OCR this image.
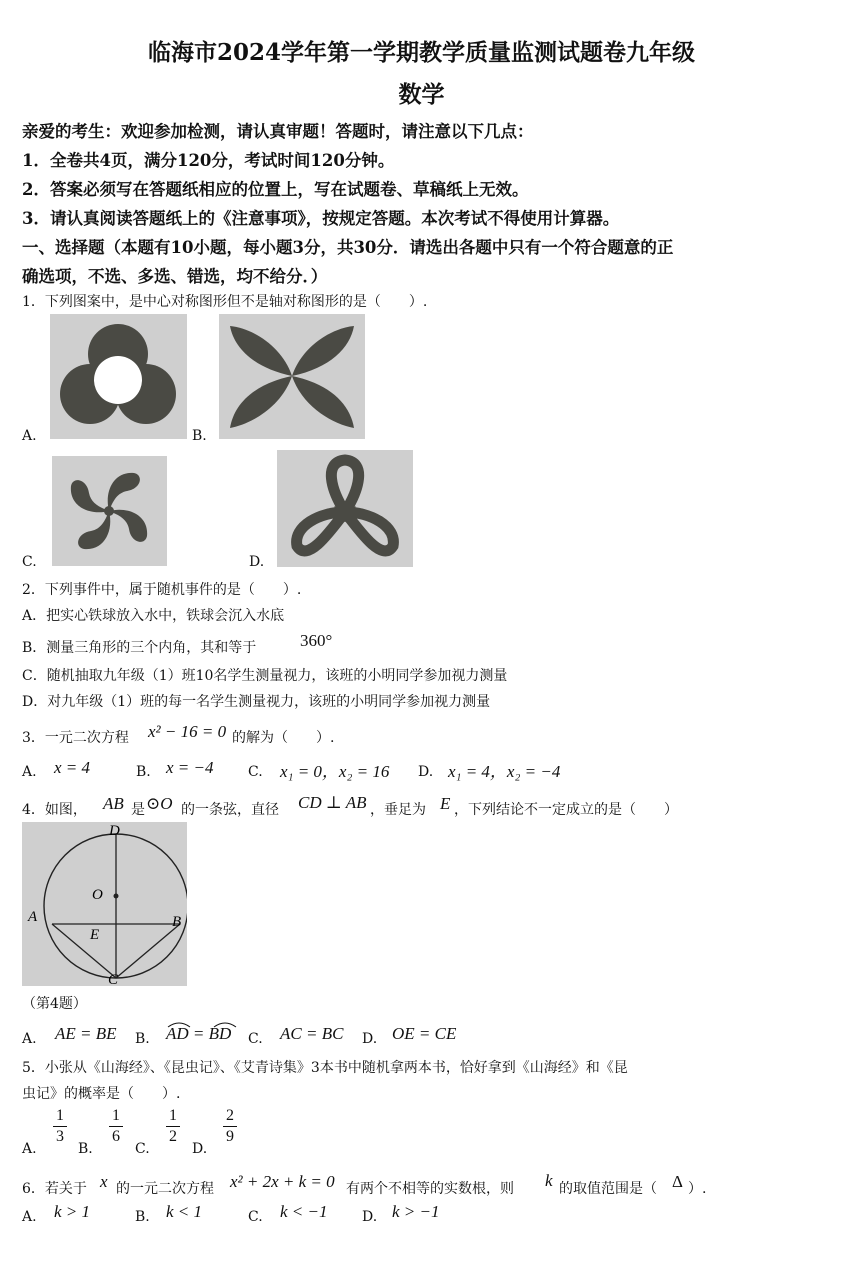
临海市2024学年第一学期教学质量监测试题卷九年级
数学
亲爱的考生：欢迎参加检测，请认真审题！答题时，请注意以下几点：
1．全卷共4页，满分120分，考试时间120分钟。
2．答案必须写在答题纸相应的位置上，写在试题卷、草稿纸上无效。
3．请认真阅读答题纸上的《注意事项》，按规定答题。本次考试不得使用计算器。
一、选择题（本题有10小题，每小题3分，共30分．请选出各题中只有一个符合题意的正
确选项，不选、多选、错选，均不给分．）
1．下列图案中，是中心对称图形但不是轴对称图形的是（　　）.
A.	B.
C.	D.
2．下列事件中，属于随机事件的是（　　）.
A．把实心铁球放入水中，铁球会沉入水底
B．测量三角形的三个内角，其和等于	360°
C．随机抽取九年级（1）班10名学生测量视力，该班的小明同学参加视力测量
D．对九年级（1）班的每一名学生测量视力，该班的小明同学参加视力测量
3．一元二次方程 x² − 16 = 0 的解为（　　）.
A. x = 4	B. x = −4 C. x₁ = 0，x₂ = 16 D. x₁ = 4，x₂ = −4
4．如图， AB 是 ⊙O 的一条弦，直径 CD ⊥ AB ，垂足为 E ，下列结论不一定成立的是（　　）
D
O
A	B
E
C
（第4题）
A. AE = BE B. AD = BD C. AC = BC D. OE = CE
5．小张从《山海经》、《昆虫记》、《艾青诗集》3本书中随机拿两本书，恰好拿到《山海经》和《昆
虫记》的概率是（　　）.
A.
$\frac{1}{3}$
B.
$\frac{1}{6}$
C.
$\frac{1}{2}$
D.
$\frac{2}{9}$
6．若关于 x 的一元二次方程 x² + 2x + k = 0 有两个不相等的实数根，则 k 的取值范围是（ Δ ）.
A. k > 1	B. k < 1	C. k < −1 D. k > −1
